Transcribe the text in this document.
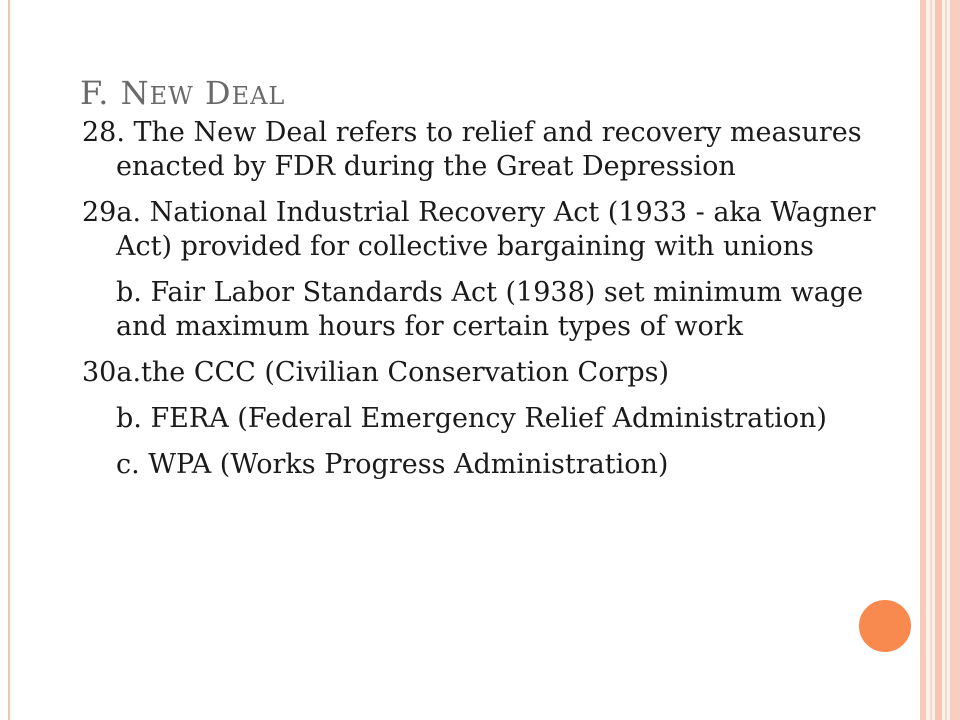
F. NEW DEAL

28. The New Deal refers to relief and recovery measures enacted by FDR during the Great Depression

29a. National Industrial Recovery Act (1933 - aka Wagner Act) provided for collective bargaining with unions

b. Fair Labor Standards Act (1938) set minimum wage and maximum hours for certain types of work

30a.the CCC (Civilian Conservation Corps)

b. FERA (Federal Emergency Relief Administration)

c. WPA (Works Progress Administration)
